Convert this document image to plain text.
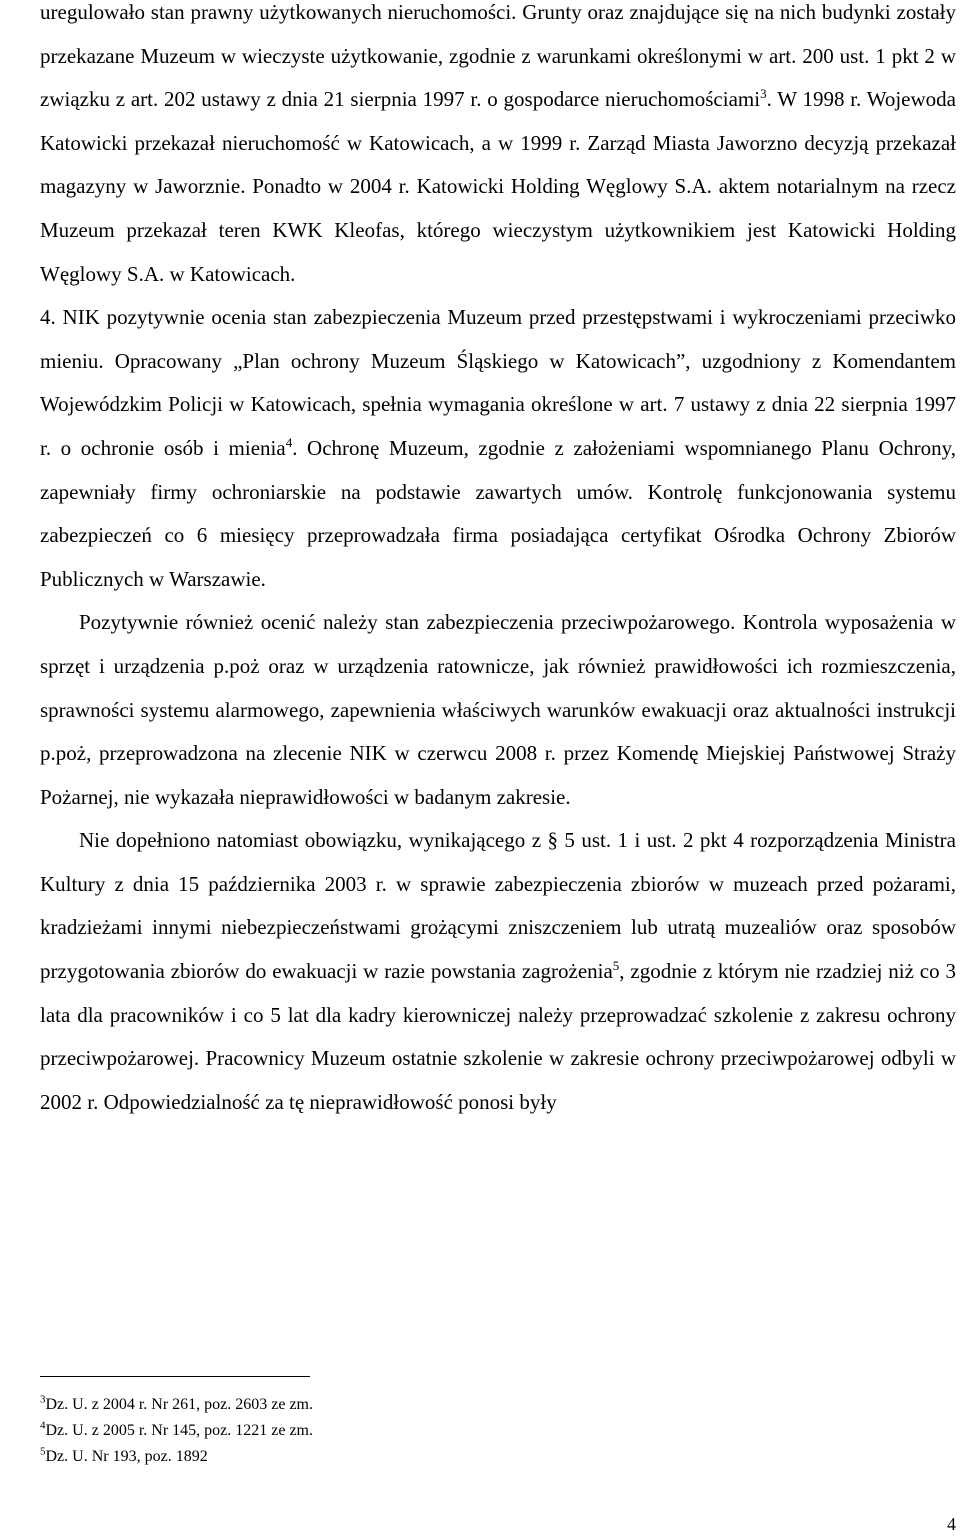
uregulowało stan prawny użytkowanych nieruchomości. Grunty oraz znajdujące się na nich budynki zostały przekazane Muzeum w wieczyste użytkowanie, zgodnie z warunkami określonymi w art. 200 ust. 1 pkt 2 w związku z art. 202 ustawy z dnia 21 sierpnia 1997 r. o gospodarce nieruchomościami$^3$. W 1998 r. Wojewoda Katowicki przekazał nieruchomość w Katowicach, a w 1999 r. Zarząd Miasta Jaworzno decyzją przekazał magazyny w Jaworznie. Ponadto w 2004 r. Katowicki Holding Węglowy S.A. aktem notarialnym na rzecz Muzeum przekazał teren KWK Kleofas, którego wieczystym użytkownikiem jest Katowicki Holding Węglowy S.A. w Katowicach.

4. NIK pozytywnie ocenia stan zabezpieczenia Muzeum przed przestępstwami i wykroczeniami przeciwko mieniu. Opracowany „Plan ochrony Muzeum Śląskiego w Katowicach”, uzgodniony z Komendantem Wojewódzkim Policji w Katowicach, spełnia wymagania określone w art. 7 ustawy z dnia 22 sierpnia 1997 r. o ochronie osób i mienia$^4$. Ochronę Muzeum, zgodnie z założeniami wspomnianego Planu Ochrony, zapewniały firmy ochroniarskie na podstawie zawartych umów. Kontrolę funkcjonowania systemu zabezpieczeń co 6 miesięcy przeprowadzała firma posiadająca certyfikat Ośrodka Ochrony Zbiorów Publicznych w Warszawie.

Pozytywnie również ocenić należy stan zabezpieczenia przeciwpożarowego. Kontrola wyposażenia w sprzęt i urządzenia p.poż oraz w urządzenia ratownicze, jak również prawidłowości ich rozmieszczenia, sprawności systemu alarmowego, zapewnienia właściwych warunków ewakuacji oraz aktualności instrukcji p.poż, przeprowadzona na zlecenie NIK w czerwcu 2008 r. przez Komendę Miejskiej Państwowej Straży Pożarnej, nie wykazała nieprawidłowości w badanym zakresie.

Nie dopełniono natomiast obowiązku, wynikającego z § 5 ust. 1 i ust. 2 pkt 4 rozporządzenia Ministra Kultury z dnia 15 października 2003 r. w sprawie zabezpieczenia zbiorów w muzeach przed pożarami, kradzieżami innymi niebezpieczeństwami grożącymi zniszczeniem lub utratą muzealiów oraz sposobów przygotowania zbiorów do ewakuacji w razie powstania zagrożenia$^5$, zgodnie z którym nie rzadziej niż co 3 lata dla pracowników i co 5 lat dla kadry kierowniczej należy przeprowadzać szkolenie z zakresu ochrony przeciwpożarowej. Pracownicy Muzeum ostatnie szkolenie w zakresie ochrony przeciwpożarowej odbyli w 2002 r. Odpowiedzialność za tę nieprawidłowość ponosi były

$^3$Dz. U. z 2004 r. Nr 261, poz. 2603 ze zm.

$^4$Dz. U. z 2005 r. Nr 145, poz. 1221 ze zm.

$^5$Dz. U. Nr 193, poz. 1892

4
